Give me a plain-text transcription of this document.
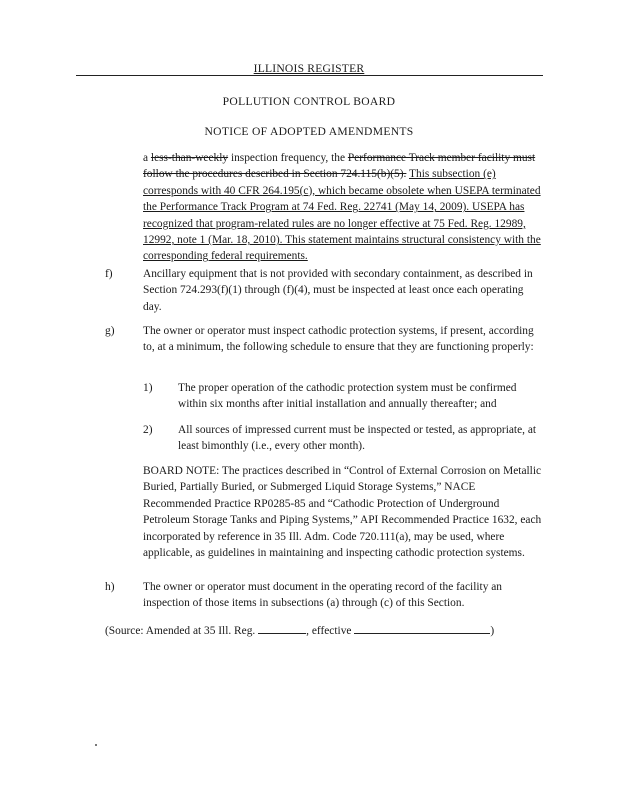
ILLINOIS REGISTER
POLLUTION CONTROL BOARD
NOTICE OF ADOPTED AMENDMENTS
a less-than-weekly inspection frequency, the Performance Track member facility must follow the procedures described in Section 724.115(b)(5). This subsection (e) corresponds with 40 CFR 264.195(c), which became obsolete when USEPA terminated the Performance Track Program at 74 Fed. Reg. 22741 (May 14, 2009). USEPA has recognized that program-related rules are no longer effective at 75 Fed. Reg. 12989, 12992, note 1 (Mar. 18, 2010). This statement maintains structural consistency with the corresponding federal requirements.
f)	Ancillary equipment that is not provided with secondary containment, as described in Section 724.293(f)(1) through (f)(4), must be inspected at least once each operating day.
g)	The owner or operator must inspect cathodic protection systems, if present, according to, at a minimum, the following schedule to ensure that they are functioning properly:
1) The proper operation of the cathodic protection system must be confirmed within six months after initial installation and annually thereafter; and
2) All sources of impressed current must be inspected or tested, as appropriate, at least bimonthly (i.e., every other month).
BOARD NOTE: The practices described in “Control of External Corrosion on Metallic Buried, Partially Buried, or Submerged Liquid Storage Systems,” NACE Recommended Practice RP0285-85 and “Cathodic Protection of Underground Petroleum Storage Tanks and Piping Systems,” API Recommended Practice 1632, each incorporated by reference in 35 Ill. Adm. Code 720.111(a), may be used, where applicable, as guidelines in maintaining and inspecting cathodic protection systems.
h)	The owner or operator must document in the operating record of the facility an inspection of those items in subsections (a) through (c) of this Section.
(Source: Amended at 35 Ill. Reg.	, effective	)
